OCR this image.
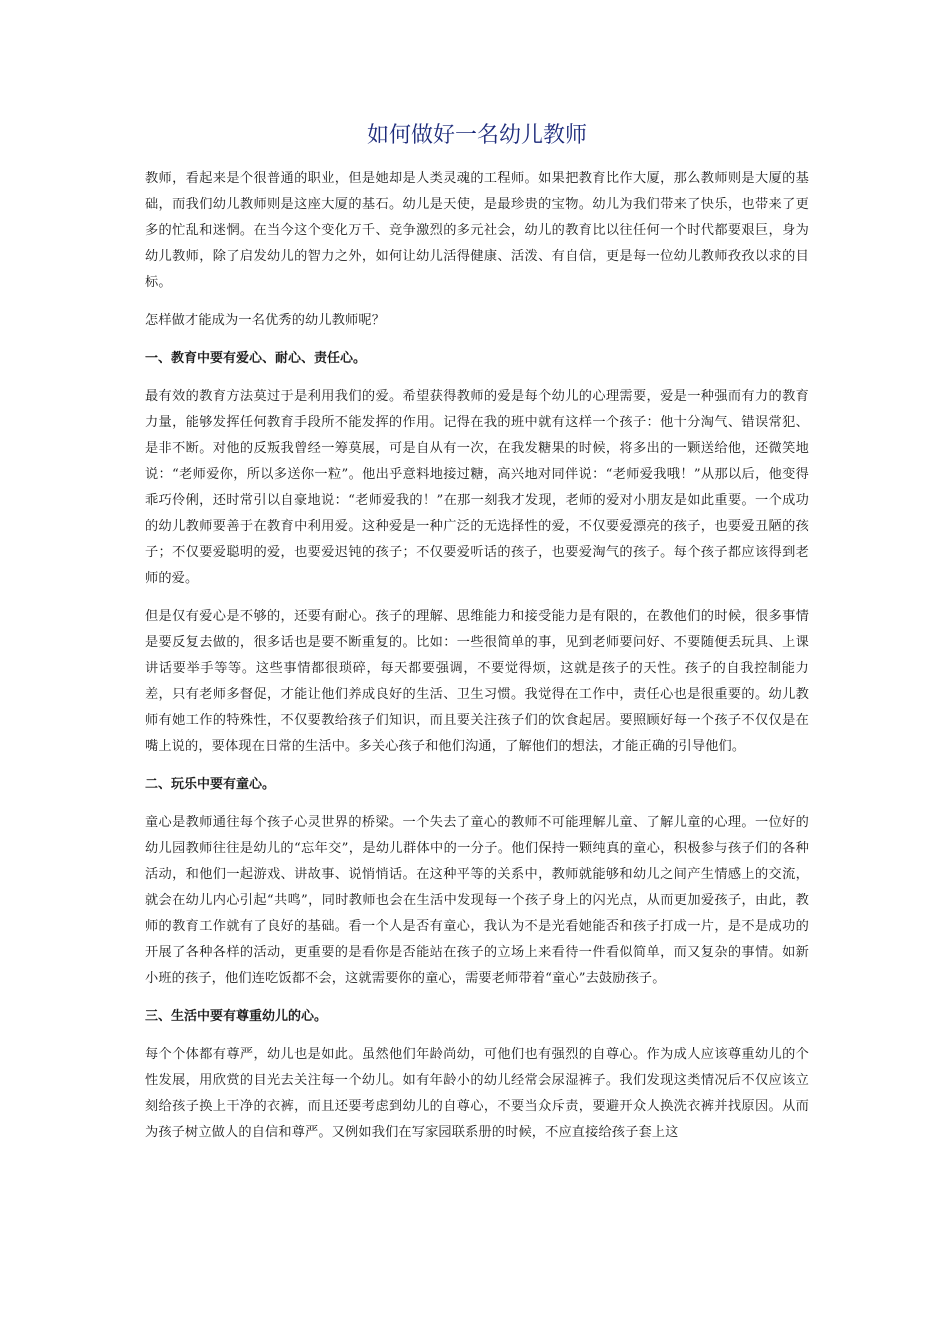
如何做好一名幼儿教师

教师，看起来是个很普通的职业，但是她却是人类灵魂的工程师。如果把教育比作大厦，那么教师则是大厦的基础，而我们幼儿教师则是这座大厦的基石。幼儿是天使，是最珍贵的宝物。幼儿为我们带来了快乐，也带来了更多的忙乱和迷惘。在当今这个变化万千、竞争激烈的多元社会，幼儿的教育比以往任何一个时代都要艰巨，身为幼儿教师，除了启发幼儿的智力之外，如何让幼儿活得健康、活泼、有自信，更是每一位幼儿教师孜孜以求的目标。

怎样做才能成为一名优秀的幼儿教师呢？

一、教育中要有爱心、耐心、责任心。

最有效的教育方法莫过于是利用我们的爱。希望获得教师的爱是每个幼儿的心理需要，爱是一种强而有力的教育力量，能够发挥任何教育手段所不能发挥的作用。记得在我的班中就有这样一个孩子：他十分淘气、错误常犯、是非不断。对他的反叛我曾经一筹莫展，可是自从有一次，在我发糖果的时候，将多出的一颗送给他，还微笑地说：“老师爱你，所以多送你一粒”。他出乎意料地接过糖，高兴地对同伴说：“老师爱我哦！”从那以后，他变得乖巧伶俐，还时常引以自豪地说：“老师爱我的！”在那一刻我才发现，老师的爱对小朋友是如此重要。一个成功的幼儿教师要善于在教育中利用爱。这种爱是一种广泛的无选择性的爱，不仅要爱漂亮的孩子，也要爱丑陋的孩子；不仅要爱聪明的爱，也要爱迟钝的孩子；不仅要爱听话的孩子，也要爱淘气的孩子。每个孩子都应该得到老师的爱。

但是仅有爱心是不够的，还要有耐心。孩子的理解、思维能力和接受能力是有限的，在教他们的时候，很多事情是要反复去做的，很多话也是要不断重复的。比如：一些很简单的事，见到老师要问好、不要随便丢玩具、上课讲话要举手等等。这些事情都很琐碎，每天都要强调，不要觉得烦，这就是孩子的天性。孩子的自我控制能力差，只有老师多督促，才能让他们养成良好的生活、卫生习惯。我觉得在工作中，责任心也是很重要的。幼儿教师有她工作的特殊性，不仅要教给孩子们知识，而且要关注孩子们的饮食起居。要照顾好每一个孩子不仅仅是在嘴上说的，要体现在日常的生活中。多关心孩子和他们沟通，了解他们的想法，才能正确的引导他们。

二、玩乐中要有童心。

童心是教师通往每个孩子心灵世界的桥梁。一个失去了童心的教师不可能理解儿童、了解儿童的心理。一位好的幼儿园教师往往是幼儿的“忘年交”，是幼儿群体中的一分子。他们保持一颗纯真的童心，积极参与孩子们的各种活动，和他们一起游戏、讲故事、说悄悄话。在这种平等的关系中，教师就能够和幼儿之间产生情感上的交流，就会在幼儿内心引起“共鸣”，同时教师也会在生活中发现每一个孩子身上的闪光点，从而更加爱孩子，由此，教师的教育工作就有了良好的基础。看一个人是否有童心，我认为不是光看她能否和孩子打成一片，是不是成功的开展了各种各样的活动，更重要的是看你是否能站在孩子的立场上来看待一件看似简单，而又复杂的事情。如新小班的孩子，他们连吃饭都不会，这就需要你的童心，需要老师带着“童心”去鼓励孩子。

三、生活中要有尊重幼儿的心。

每个个体都有尊严，幼儿也是如此。虽然他们年龄尚幼，可他们也有强烈的自尊心。作为成人应该尊重幼儿的个性发展，用欣赏的目光去关注每一个幼儿。如有年龄小的幼儿经常会尿湿裤子。我们发现这类情况后不仅应该立刻给孩子换上干净的衣裤，而且还要考虑到幼儿的自尊心，不要当众斥责，要避开众人换洗衣裤并找原因。从而为孩子树立做人的自信和尊严。又例如我们在写家园联系册的时候，不应直接给孩子套上这
